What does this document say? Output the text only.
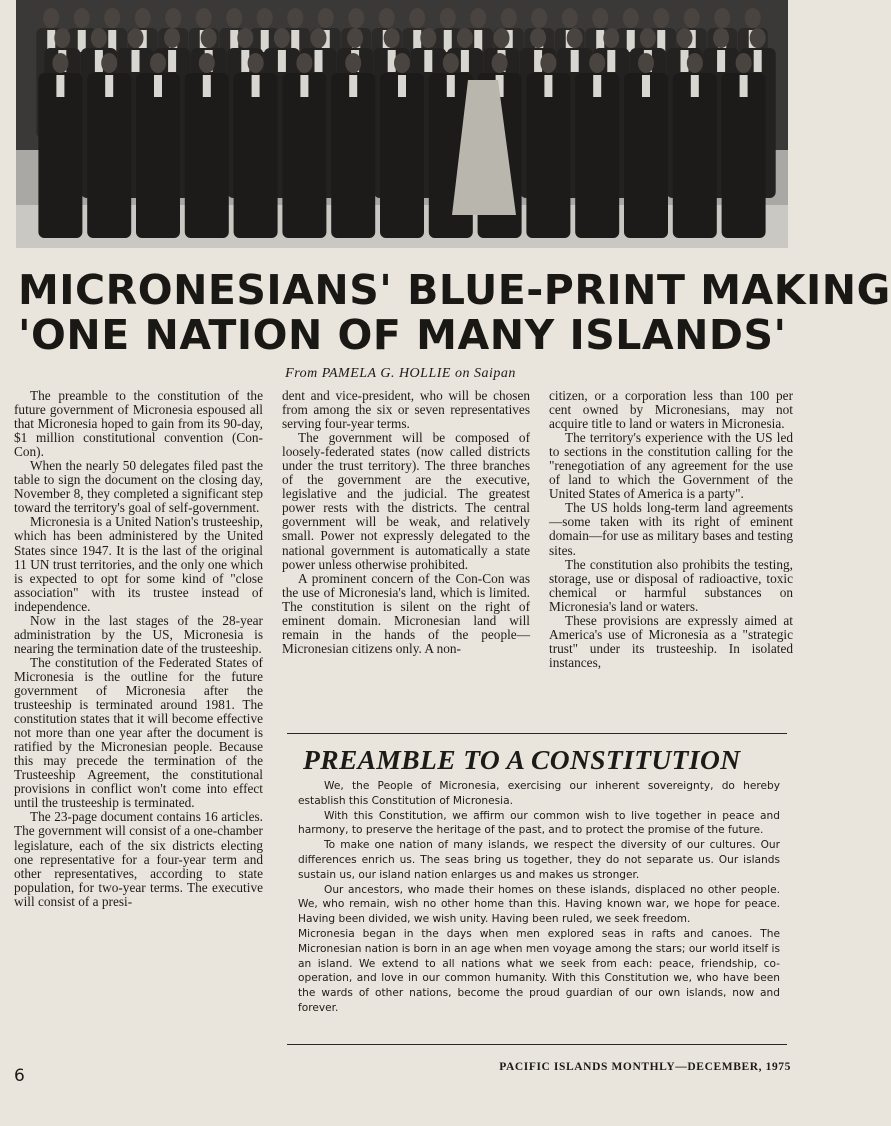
MICRONESIANS' BLUE-PRINT MAKING
'ONE NATION OF MANY ISLANDS'
From PAMELA G. HOLLIE on Saipan

The preamble to the constitution of the future government of Micronesia espoused all that Micronesia hoped to gain from its 90-day, $1 million constitutional convention (Con-Con).

When the nearly 50 delegates filed past the table to sign the document on the closing day, November 8, they completed a significant step toward the territory's goal of self-government.

Micronesia is a United Nation's trusteeship, which has been administered by the United States since 1947. It is the last of the original 11 UN trust territories, and the only one which is expected to opt for some kind of "close association" with its trustee instead of independence.

Now in the last stages of the 28-year administration by the US, Micronesia is nearing the termination date of the trusteeship.

The constitution of the Federated States of Micronesia is the outline for the future government of Micronesia after the trusteeship is terminated around 1981. The constitution states that it will become effective not more than one year after the document is ratified by the Micronesian people. Because this may precede the termination of the Trusteeship Agreement, the constitutional provisions in conflict won't come into effect until the trusteeship is terminated.

The 23-page document contains 16 articles. The government will consist of a one-chamber legislature, each of the six districts electing one representative for a four-year term and other representatives, according to state population, for two-year terms. The executive will consist of a presi-

dent and vice-president, who will be chosen from among the six or seven representatives serving four-year terms.

The government will be composed of loosely-federated states (now called districts under the trust territory). The three branches of the government are the executive, legislative and the judicial. The greatest power rests with the districts. The central government will be weak, and relatively small. Power not expressly delegated to the national government is automatically a state power unless otherwise prohibited.

A prominent concern of the Con-Con was the use of Micronesia's land, which is limited. The constitution is silent on the right of eminent domain. Micronesian land will remain in the hands of the people—Micronesian citizens only. A non-

citizen, or a corporation less than 100 per cent owned by Micronesians, may not acquire title to land or waters in Micronesia.

The territory's experience with the US led to sections in the constitution calling for the "renegotiation of any agreement for the use of land to which the Government of the United States of America is a party".

The US holds long-term land agreements—some taken with its right of eminent domain—for use as military bases and testing sites.

The constitution also prohibits the testing, storage, use or disposal of radioactive, toxic chemical or harmful substances on Micronesia's land or waters.

These provisions are expressly aimed at America's use of Micronesia as a "strategic trust" under its trusteeship. In isolated instances,

PREAMBLE TO A CONSTITUTION

We, the People of Micronesia, exercising our inherent sovereignty, do hereby establish this Constitution of Micronesia.

With this Constitution, we affirm our common wish to live together in peace and harmony, to preserve the heritage of the past, and to protect the promise of the future.

To make one nation of many islands, we respect the diversity of our cultures. Our differences enrich us. The seas bring us together, they do not separate us. Our islands sustain us, our island nation enlarges us and makes us stronger.

Our ancestors, who made their homes on these islands, displaced no other people. We, who remain, wish no other home than this. Having known war, we hope for peace. Having been divided, we wish unity. Having been ruled, we seek freedom.

Micronesia began in the days when men explored seas in rafts and canoes. The Micronesian nation is born in an age when men voyage among the stars; our world itself is an island. We extend to all nations what we seek from each: peace, friendship, co-operation, and love in our common humanity. With this Constitution we, who have been the wards of other nations, become the proud guardian of our own islands, now and forever.

6	PACIFIC ISLANDS MONTHLY—DECEMBER, 1975
